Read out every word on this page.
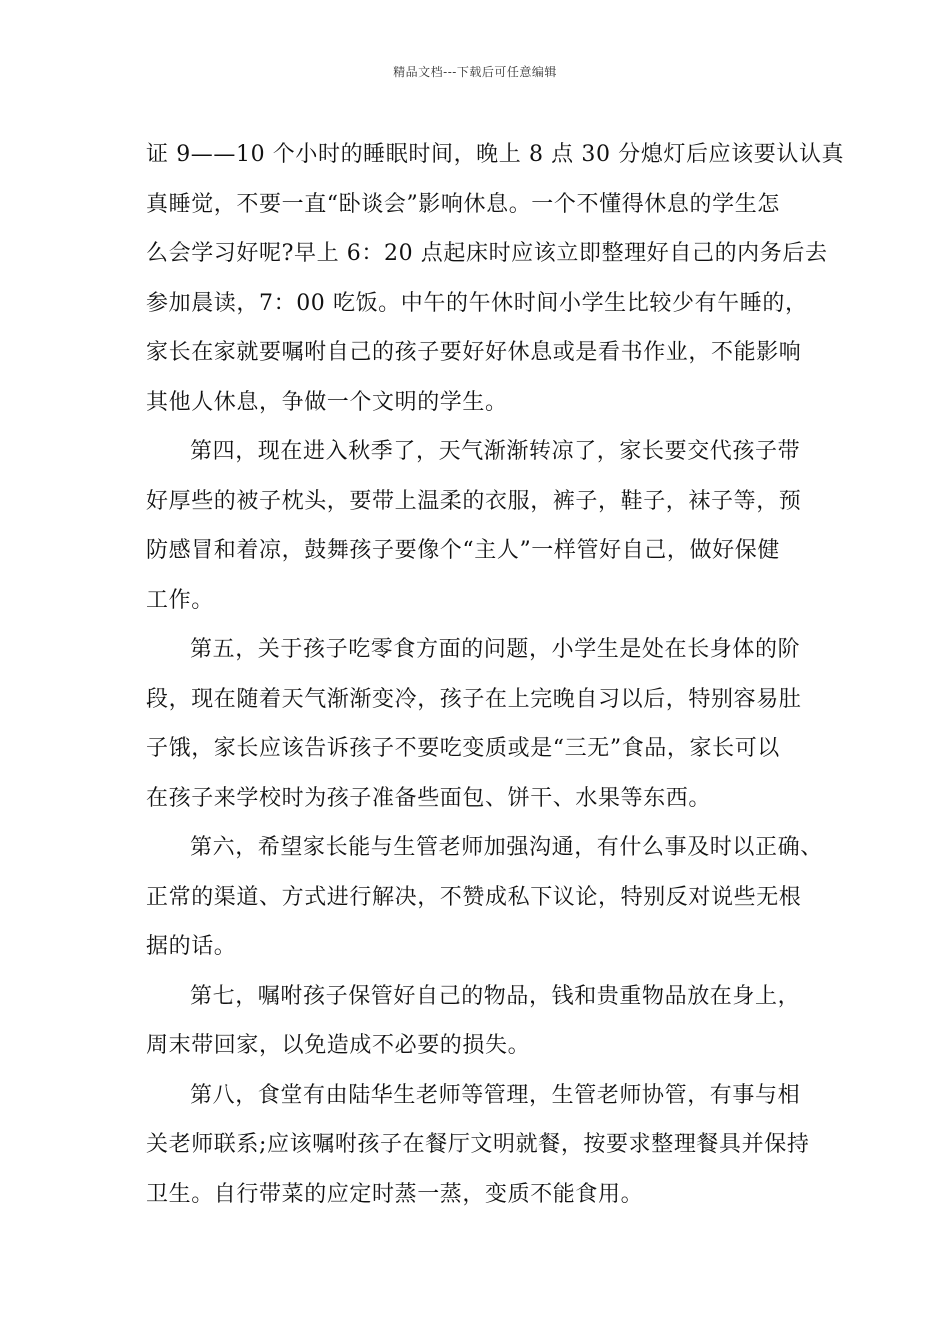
精品文档---下载后可任意编辑
证 9——10 个小时的睡眠时间，晚上 8 点 30 分熄灯后应该要认认真
真睡觉，不要一直“卧谈会”影响休息。一个不懂得休息的学生怎
么会学习好呢?早上 6：20 点起床时应该立即整理好自己的内务后去
参加晨读，7：00 吃饭。中午的午休时间小学生比较少有午睡的，
家长在家就要嘱咐自己的孩子要好好休息或是看书作业，不能影响
其他人休息，争做一个文明的学生。
第四，现在进入秋季了，天气渐渐转凉了，家长要交代孩子带
好厚些的被子枕头，要带上温柔的衣服，裤子，鞋子，袜子等，预
防感冒和着凉，鼓舞孩子要像个“主人”一样管好自己，做好保健
工作。
第五，关于孩子吃零食方面的问题，小学生是处在长身体的阶
段，现在随着天气渐渐变冷，孩子在上完晚自习以后，特别容易肚
子饿，家长应该告诉孩子不要吃变质或是“三无”食品，家长可以
在孩子来学校时为孩子准备些面包、饼干、水果等东西。
第六，希望家长能与生管老师加强沟通，有什么事及时以正确、
正常的渠道、方式进行解决，不赞成私下议论，特别反对说些无根
据的话。
第七，嘱咐孩子保管好自己的物品，钱和贵重物品放在身上，
周末带回家，以免造成不必要的损失。
第八，食堂有由陆华生老师等管理，生管老师协管，有事与相
关老师联系;应该嘱咐孩子在餐厅文明就餐，按要求整理餐具并保持
卫生。自行带菜的应定时蒸一蒸，变质不能食用。
